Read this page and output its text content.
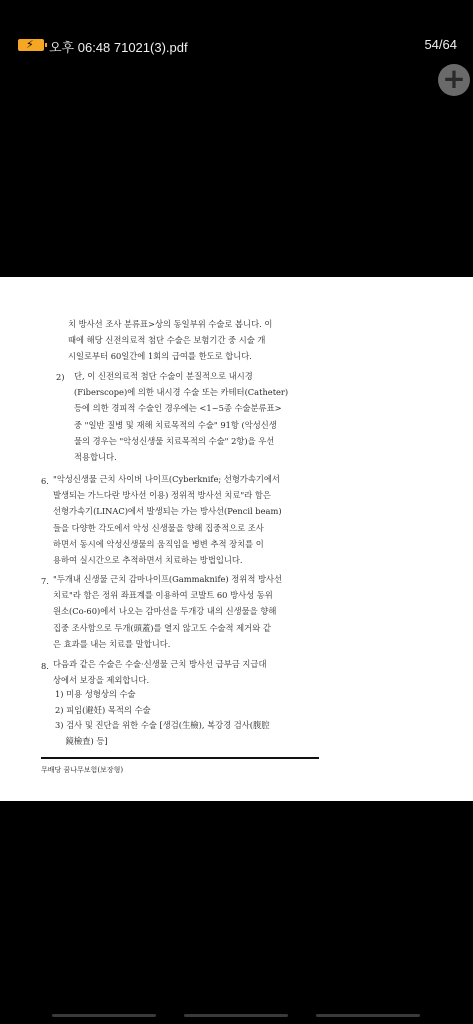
⚡ 오후 06:48 71021(3).pdf	54/64
+

치 방사선 조사 분류표>상의 동일부위 수술로 봅니다. 이

때에 해당 신전의료적 첨단 수술은 보험기간 중 시술 개

시일로부터 60일간에 1회의 급여를 한도로 합니다.

2) 단, 이 신전의료적 첨단 수술이 분질적으로 내시경

(Fiberscope)에 의한 내시경 수술 또는 카테터(Catheter)

등에 의한 경피적 수술인 경우에는 <1~5종 수술분류표>

중 "일반 질병 및 재해 치료목적의 수술" 91항 (악성신생

물의 경우는 "악성신생물 치료목적의 수술" 2항)을 우선

적용합니다.

6. "악성신생물 근치 사이버 나이프(Cyberknife; 선형가속기에서

발생되는 가느다란 방사선 이용) 정위적 방사선 치료"라 함은

선형가속기(LINAC)에서 발생되는 가는 방사선(Pencil beam)

들을 다양한 각도에서 악성 신생물을 향해 집중적으로 조사

하면서 동시에 악성신생물의 움직임을 병변 추적 장치를 이

용하여 실시간으로 추적하면서 치료하는 방법입니다.

7. "두개내 신생물 근치 감마나이프(Gammaknife) 정위적 방사선

치료"라 함은 정위 좌표계를 이용하여 코발트 60 방사성 동위

원소(Co-60)에서 나오는 감마선을 두개강 내의 신생물을 향해

집중 조사함으로 두개(頭蓋)를 열지 않고도 수술적 제거와 같

은 효과를 내는 치료를 말합니다.

8. 다음과 같은 수술은 수술·신생물 근치 방사선 급부금 지급대

상에서 보장을 제외합니다.

1) 미용 성형상의 수술
2) 피임(避妊) 목적의 수술
3) 검사 및 진단을 위한 수술 [생검(生檢), 복강경 검사(腹腔
鏡檢査) 등]
무배당 꿈나무보험(보장형)
